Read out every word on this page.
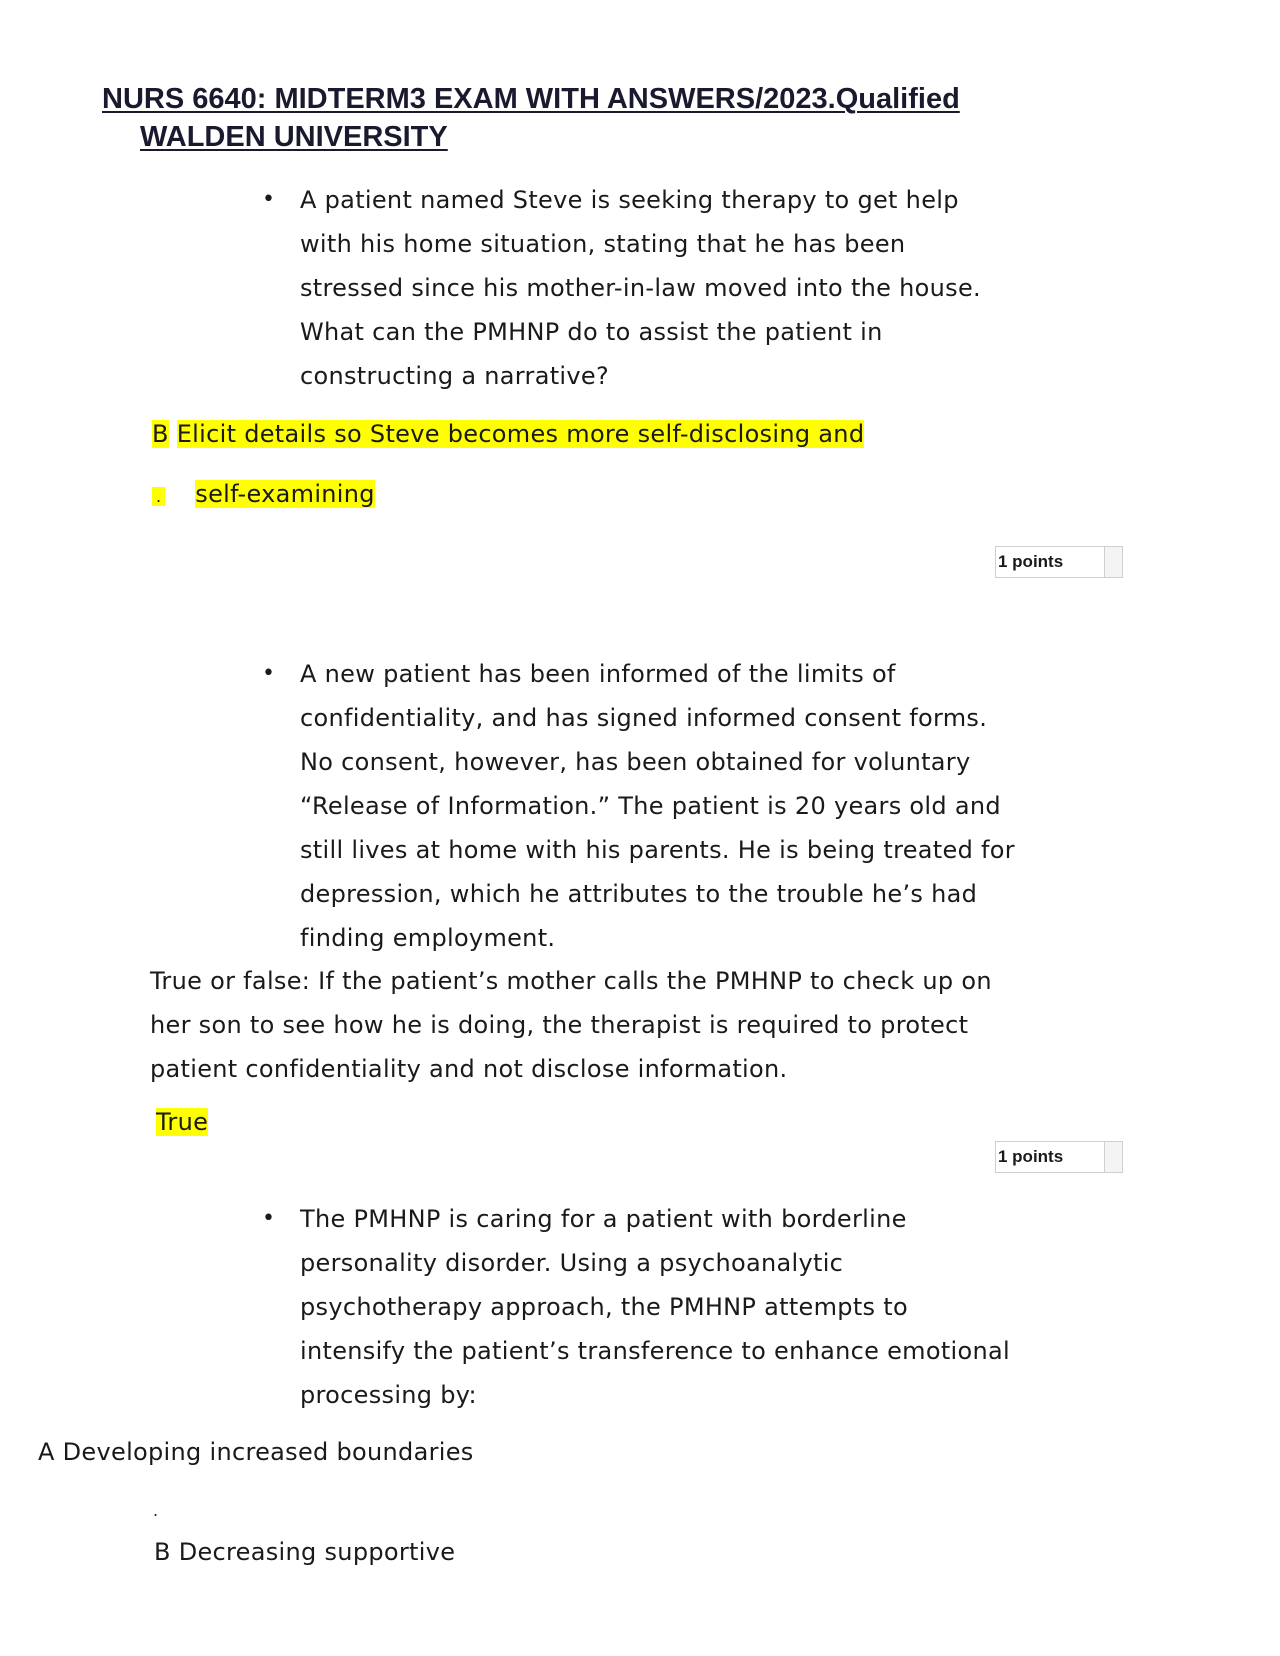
NURS 6640: MIDTERM3 EXAM WITH ANSWERS/2023.Qualified
WALDEN UNIVERSITY
• A patient named Steve is seeking therapy to get help
with his home situation, stating that he has been
stressed since his mother-in-law moved into the house.
What can the PMHNP do to assist the patient in
constructing a narrative?
B Elicit details so Steve becomes more self-disclosing and
. self-examining
1 points
• A new patient has been informed of the limits of
confidentiality, and has signed informed consent forms.
No consent, however, has been obtained for voluntary
“Release of Information.” The patient is 20 years old and
still lives at home with his parents. He is being treated for
depression, which he attributes to the trouble he’s had
finding employment.
True or false: If the patient’s mother calls the PMHNP to check up on
her son to see how he is doing, the therapist is required to protect
patient confidentiality and not disclose information.
True
1 points
• The PMHNP is caring for a patient with borderline
personality disorder. Using a psychoanalytic
psychotherapy approach, the PMHNP attempts to
intensify the patient’s transference to enhance emotional
processing by:
A Developing increased boundaries
.
B Decreasing supportive
